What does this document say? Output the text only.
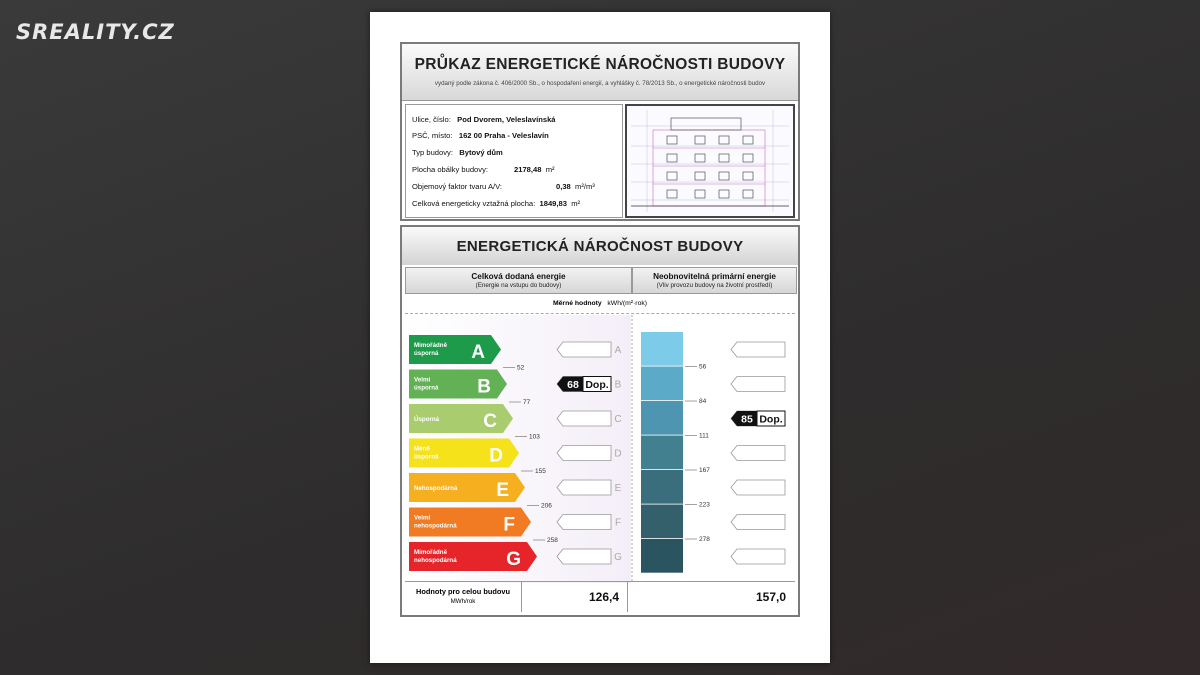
SREALITY.CZ
PRŮKAZ ENERGETICKÉ NÁROČNOSTI BUDOVY
vydaný podle zákona č. 406/2000 Sb., o hospodaření energií, a vyhlášky č. 78/2013 Sb., o energetické náročnosti budov
Ulice, číslo: Pod Dvorem, Veleslavínská
PSČ, místo: 162 00 Praha - Veleslavín
Typ budovy: Bytový dům
Plocha obálky budovy:	2178,48 m²
Objemový faktor tvaru A/V:	0,38 m²/m³
Celková energeticky vztažná plocha: 1849,83 m²
ENERGETICKÁ NÁROČNOST BUDOVY
Celková dodaná energie
(Energie na vstupu do budovy)
Neobnovitelná primární energie
(Vliv provozu budovy na životní prostředí)
Měrné hodnoty kWh/(m²·rok)
Mimořádně úsporná	A	A
Velmi úsporná B	B
Úsporná C	C
Méně úsporná	D	D
Nehospodárná E	E
Velmi nehospodárná F	F
Mimořádně nehospodárná	G	G
52
77
103
155
206
258
56
84
111
167
223
278
68 Dop.
85 Dop.
Hodnoty pro celou budovu
MWh/rok	126,4	157,0
